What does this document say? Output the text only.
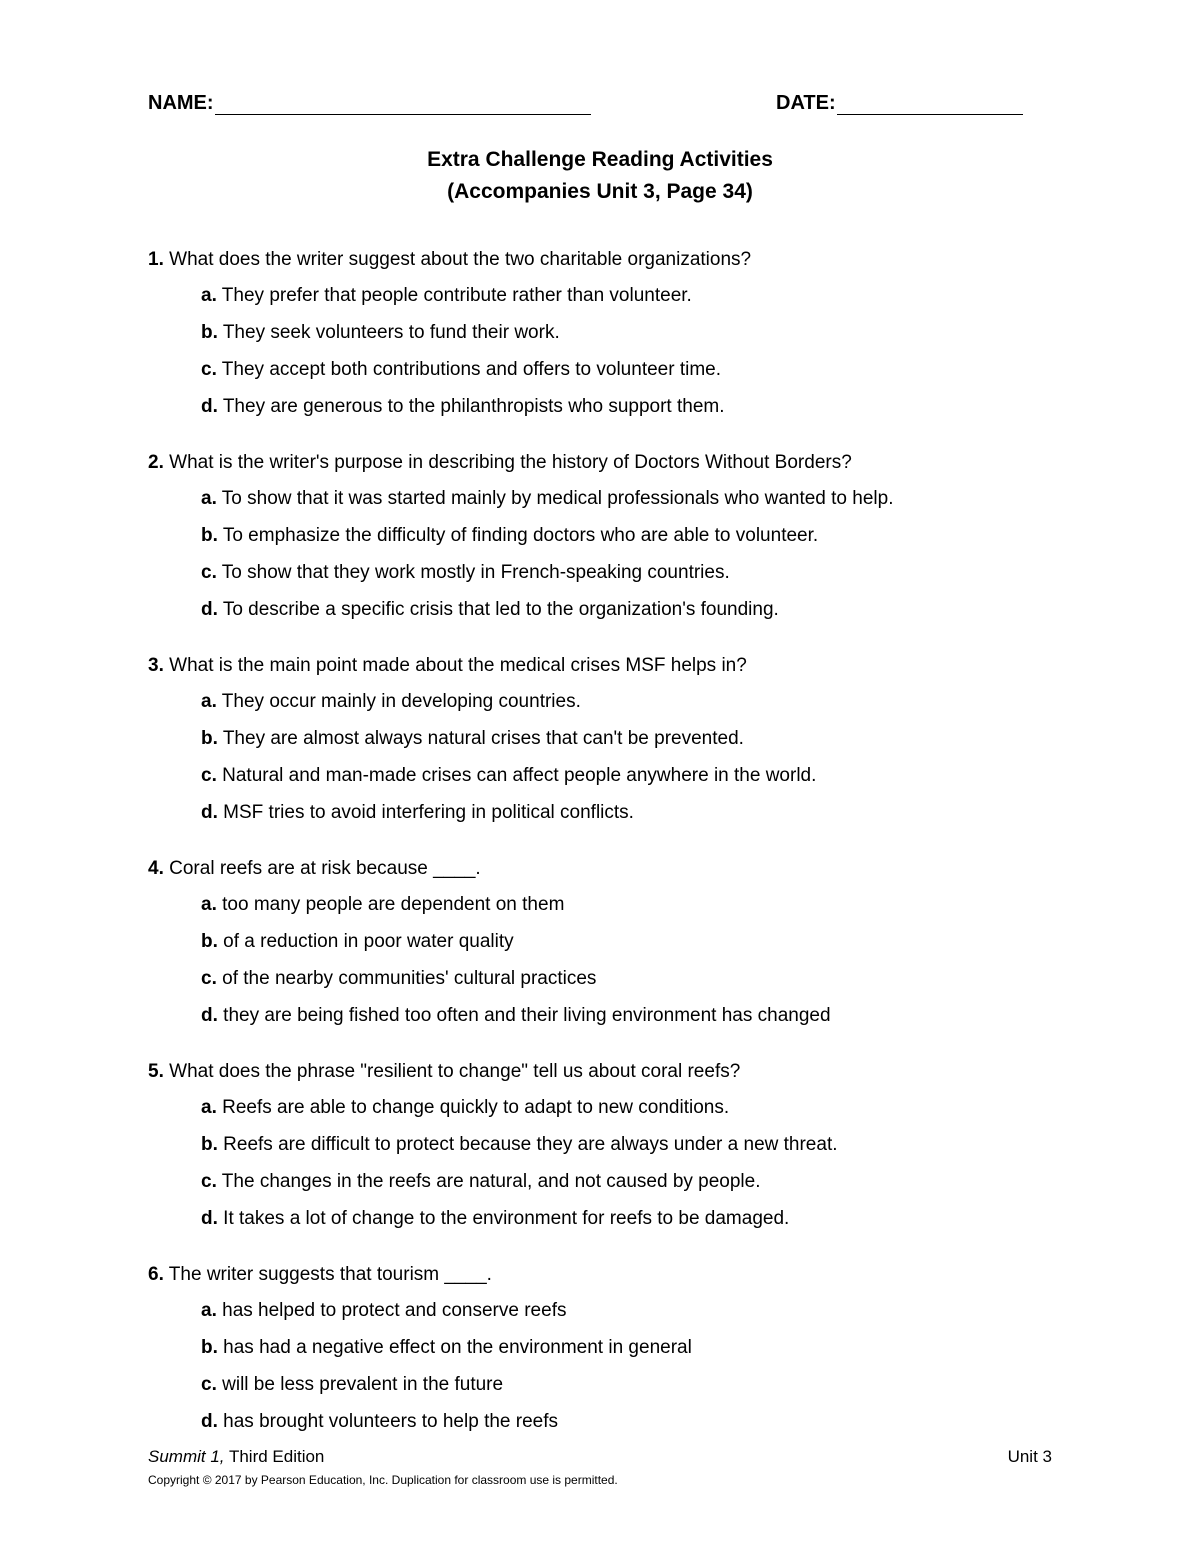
NAME:	DATE:
Extra Challenge Reading Activities
(Accompanies Unit 3, Page 34)
1. What does the writer suggest about the two charitable organizations?
a. They prefer that people contribute rather than volunteer.
b. They seek volunteers to fund their work.
c. They accept both contributions and offers to volunteer time.
d. They are generous to the philanthropists who support them.
2. What is the writer's purpose in describing the history of Doctors Without Borders?
a. To show that it was started mainly by medical professionals who wanted to help.
b. To emphasize the difficulty of finding doctors who are able to volunteer.
c. To show that they work mostly in French-speaking countries.
d. To describe a specific crisis that led to the organization's founding.
3. What is the main point made about the medical crises MSF helps in?
a. They occur mainly in developing countries.
b. They are almost always natural crises that can't be prevented.
c. Natural and man-made crises can affect people anywhere in the world.
d. MSF tries to avoid interfering in political conflicts.
4. Coral reefs are at risk because ____.
a. too many people are dependent on them
b. of a reduction in poor water quality
c. of the nearby communities' cultural practices
d. they are being fished too often and their living environment has changed
5. What does the phrase "resilient to change" tell us about coral reefs?
a. Reefs are able to change quickly to adapt to new conditions.
b. Reefs are difficult to protect because they are always under a new threat.
c. The changes in the reefs are natural, and not caused by people.
d. It takes a lot of change to the environment for reefs to be damaged.
6. The writer suggests that tourism ____.
a. has helped to protect and conserve reefs
b. has had a negative effect on the environment in general
c. will be less prevalent in the future
d. has brought volunteers to help the reefs
Summit 1, Third Edition	Unit 3
Copyright © 2017 by Pearson Education, Inc. Duplication for classroom use is permitted.
